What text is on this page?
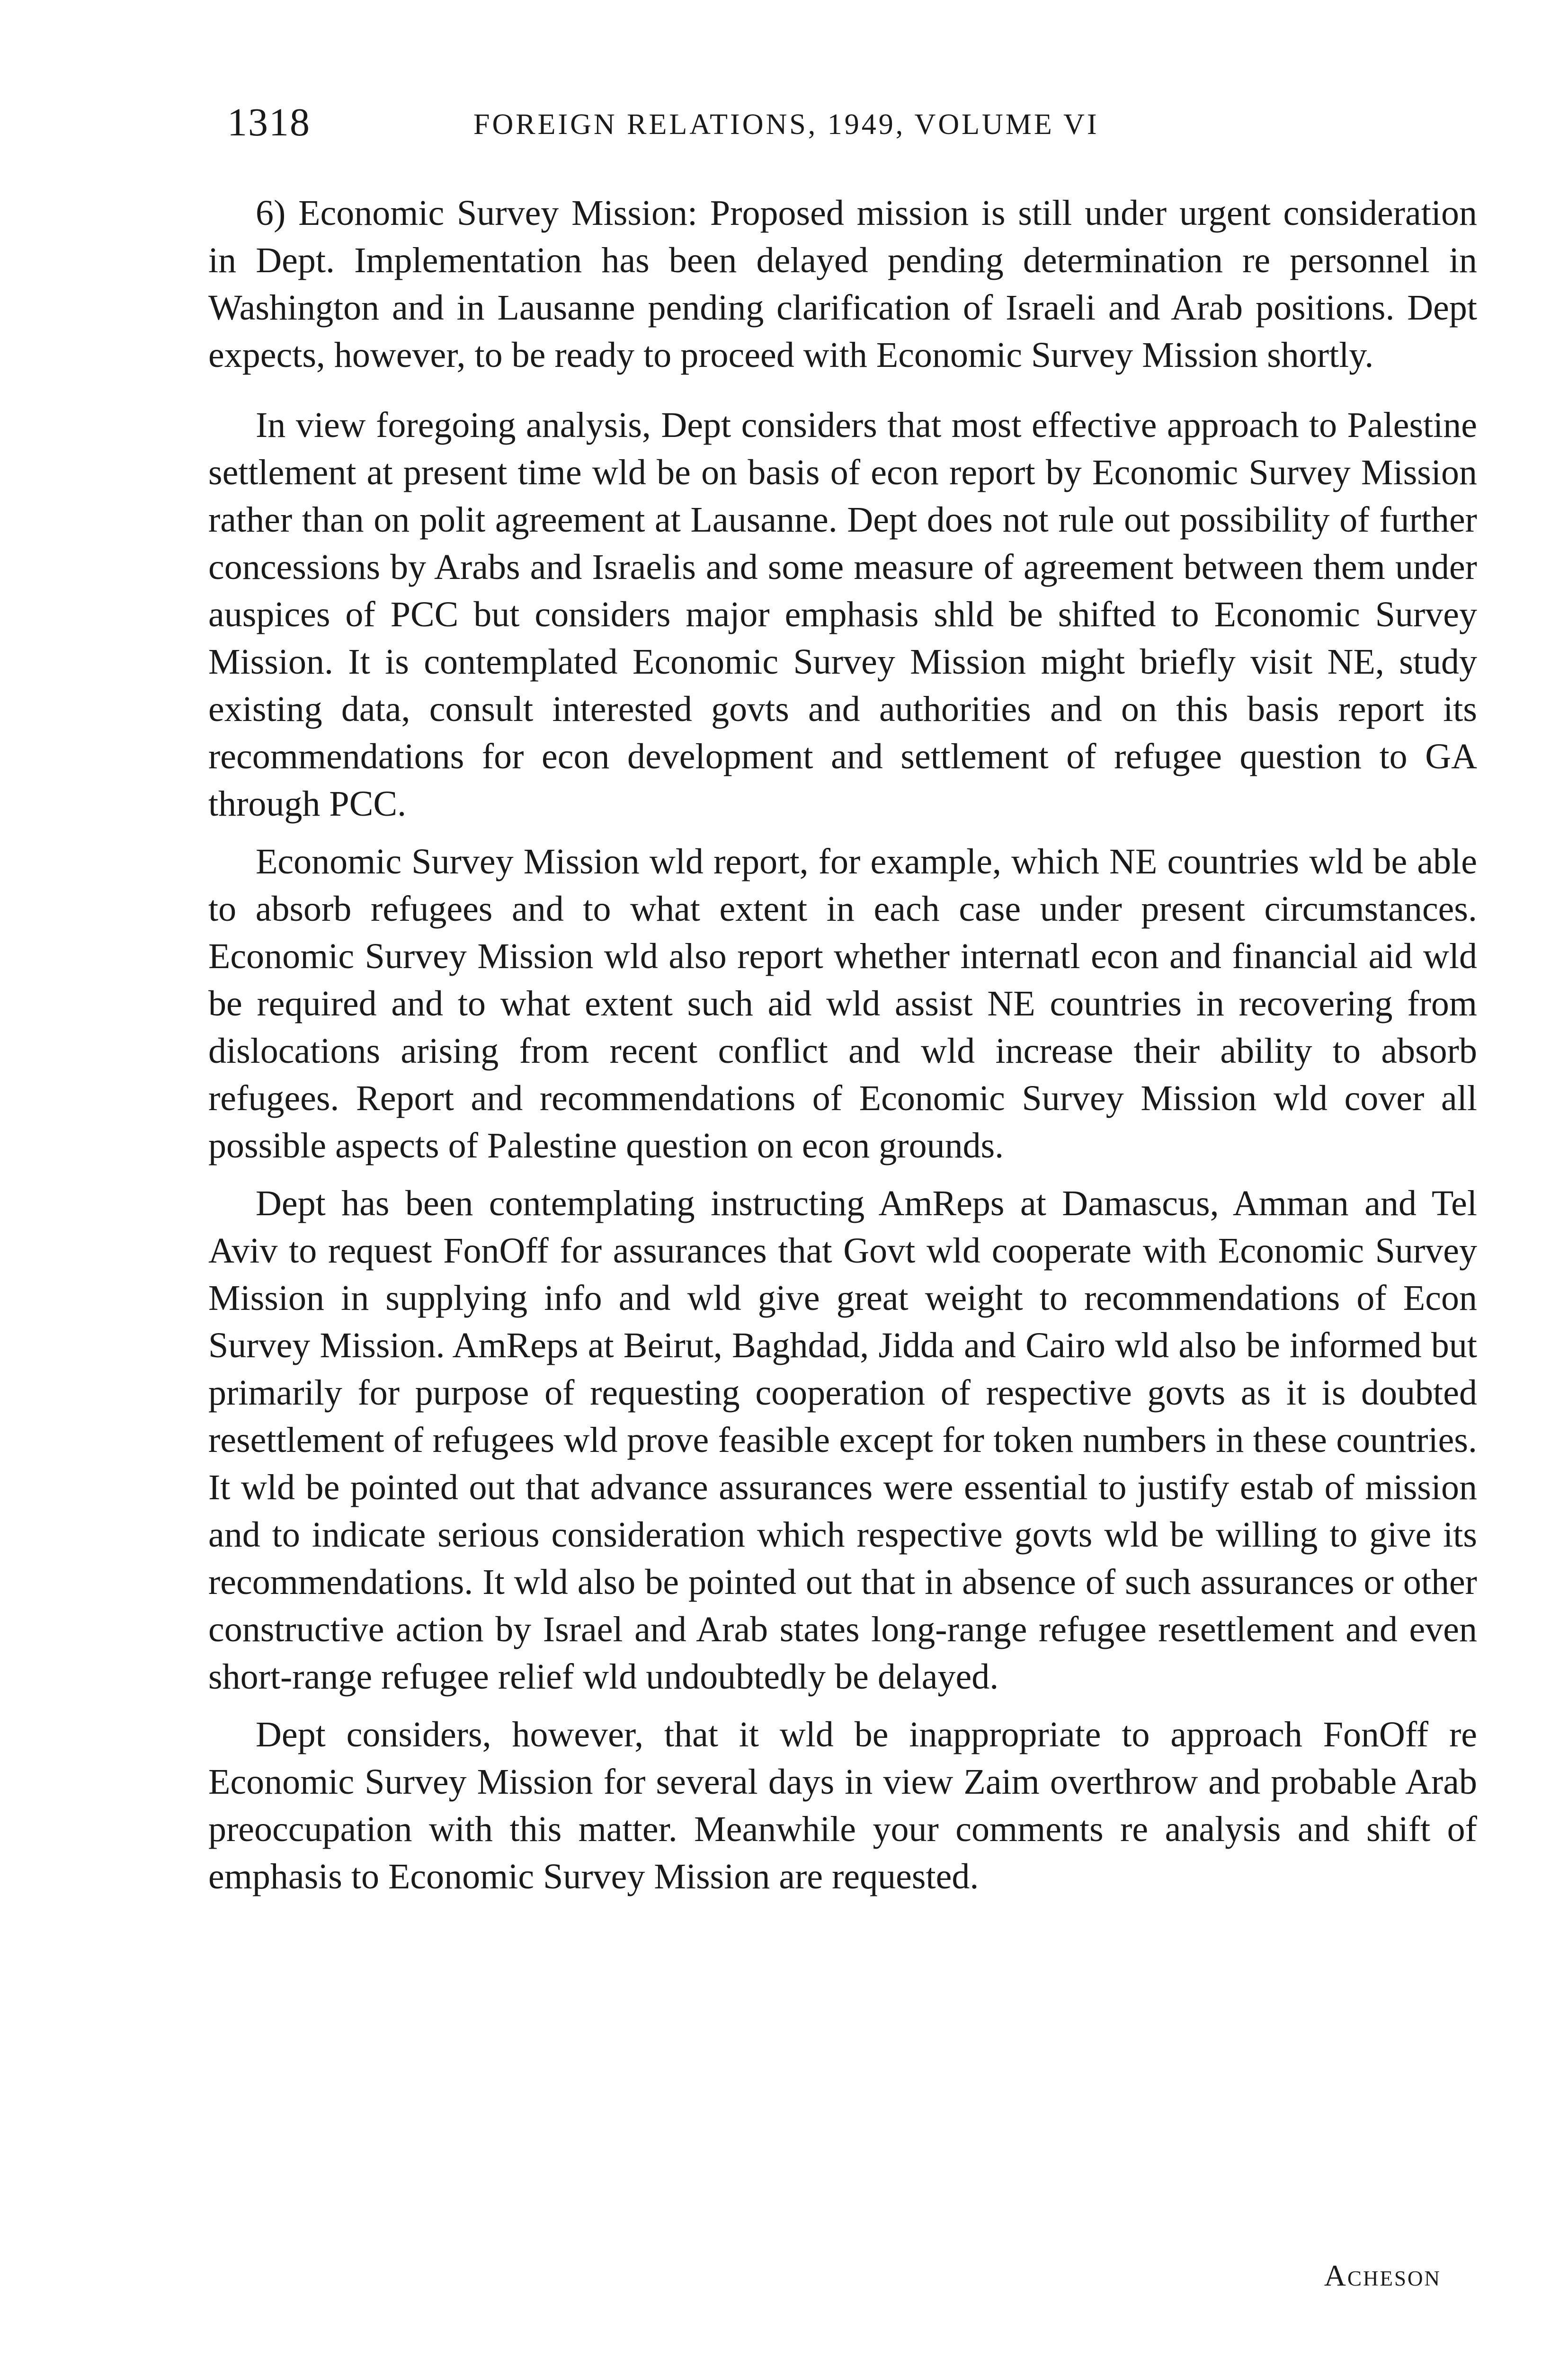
1318	FOREIGN RELATIONS, 1949, VOLUME VI

6) Economic Survey Mission: Proposed mission is still under urgent consideration in Dept. Implementation has been delayed pending determination re personnel in Washington and in Lausanne pending clarification of Israeli and Arab positions. Dept expects, however, to be ready to proceed with Economic Survey Mission shortly.

In view foregoing analysis, Dept considers that most effective approach to Palestine settlement at present time wld be on basis of econ report by Economic Survey Mission rather than on polit agreement at Lausanne. Dept does not rule out possibility of further concessions by Arabs and Israelis and some measure of agreement between them under auspices of PCC but considers major emphasis shld be shifted to Economic Survey Mission. It is contemplated Economic Survey Mission might briefly visit NE, study existing data, consult interested govts and authorities and on this basis report its recommendations for econ development and settlement of refugee question to GA through PCC.

Economic Survey Mission wld report, for example, which NE countries wld be able to absorb refugees and to what extent in each case under present circumstances. Economic Survey Mission wld also report whether internatl econ and financial aid wld be required and to what extent such aid wld assist NE countries in recovering from dislocations arising from recent conflict and wld increase their ability to absorb refugees. Report and recommendations of Economic Survey Mission wld cover all possible aspects of Palestine question on econ grounds.

Dept has been contemplating instructing AmReps at Damascus, Amman and Tel Aviv to request FonOff for assurances that Govt wld cooperate with Economic Survey Mission in supplying info and wld give great weight to recommendations of Econ Survey Mission. AmReps at Beirut, Baghdad, Jidda and Cairo wld also be informed but primarily for purpose of requesting cooperation of respective govts as it is doubted resettlement of refugees wld prove feasible except for token numbers in these countries. It wld be pointed out that advance assurances were essential to justify estab of mission and to indicate serious consideration which respective govts wld be willing to give its recommendations. It wld also be pointed out that in absence of such assurances or other constructive action by Israel and Arab states long-range refugee resettlement and even short-range refugee relief wld undoubtedly be delayed.

Dept considers, however, that it wld be inappropriate to approach FonOff re Economic Survey Mission for several days in view Zaim overthrow and probable Arab preoccupation with this matter. Meanwhile your comments re analysis and shift of emphasis to Economic Survey Mission are requested.

Acheson
